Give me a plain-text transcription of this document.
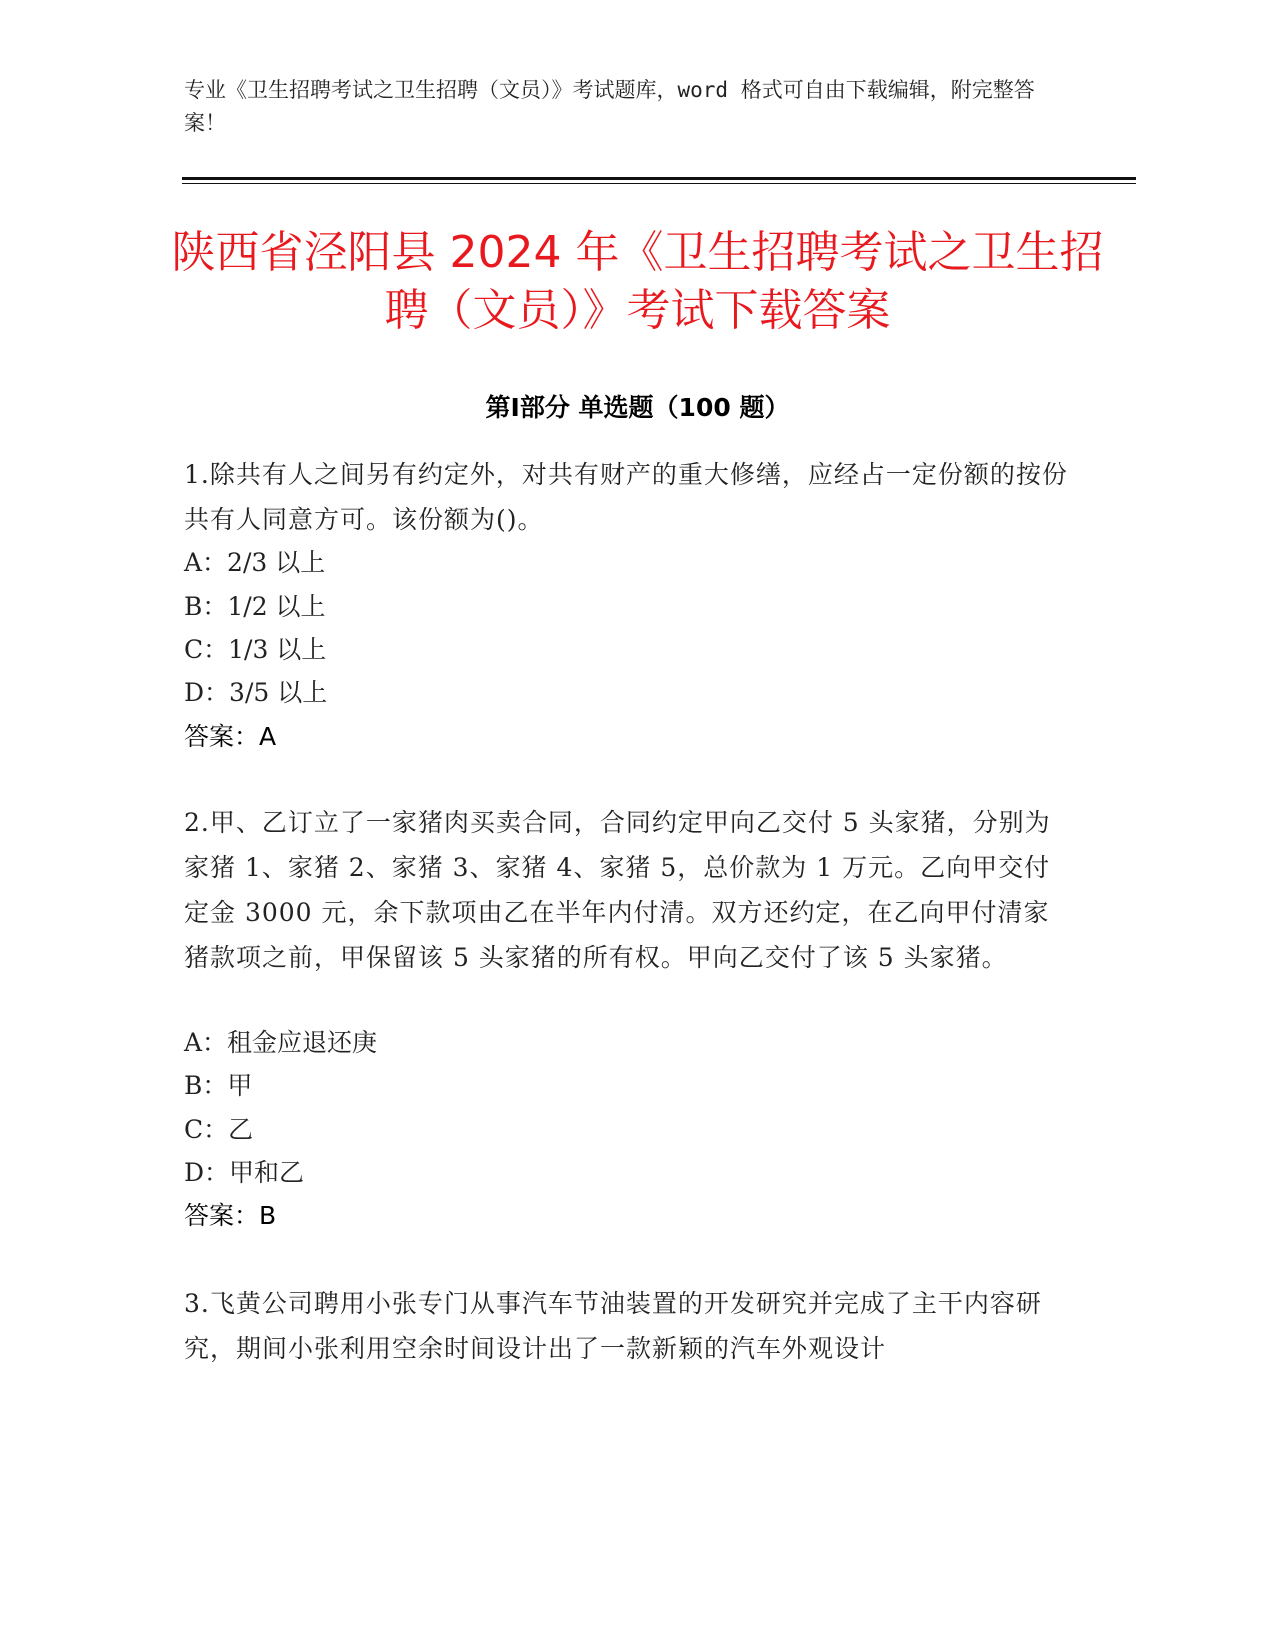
专业《卫生招聘考试之卫生招聘（文员）》考试题库，word 格式可自由下载编辑，附完整答案！
陕西省泾阳县 2024 年《卫生招聘考试之卫生招聘（文员）》考试下载答案
第Ⅰ部分 单选题（100 题）
1.除共有人之间另有约定外，对共有财产的重大修缮，应经占一定份额的按份共有人同意方可。该份额为()。
A：2/3 以上
B：1/2 以上
C：1/3 以上
D：3/5 以上
答案：A
2.甲、乙订立了一家猪肉买卖合同，合同约定甲向乙交付 5 头家猪，分别为家猪 1、家猪 2、家猪 3、家猪 4、家猪 5，总价款为 1 万元。乙向甲交付定金 3000 元，余下款项由乙在半年内付清。双方还约定，在乙向甲付清家猪款项之前，甲保留该 5 头家猪的所有权。甲向乙交付了该 5 头家猪。
A：租金应退还庚
B：甲
C：乙
D：甲和乙
答案：B
3.飞黄公司聘用小张专门从事汽车节油装置的开发研究并完成了主干内容研究，期间小张利用空余时间设计出了一款新颖的汽车外观设计
